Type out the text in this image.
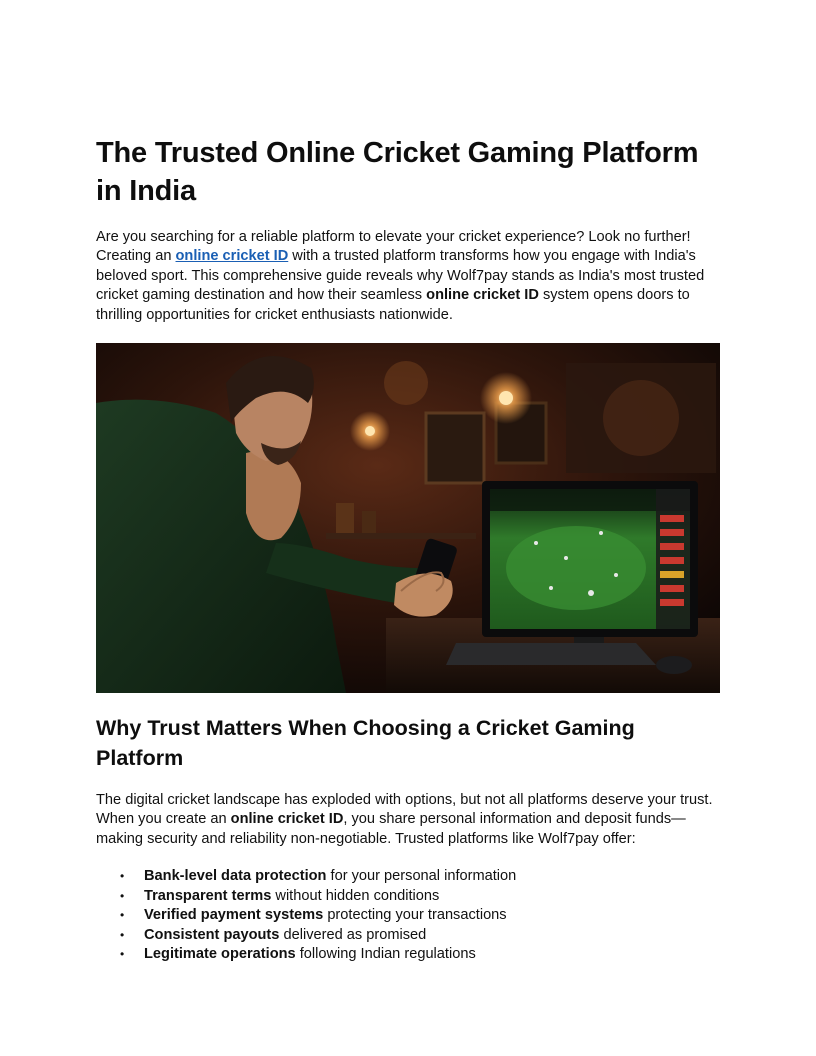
The Trusted Online Cricket Gaming Platform in India

Are you searching for a reliable platform to elevate your cricket experience? Look no further! Creating an online cricket ID with a trusted platform transforms how you engage with India's beloved sport. This comprehensive guide reveals why Wolf7pay stands as India's most trusted cricket gaming destination and how their seamless online cricket ID system opens doors to thrilling opportunities for cricket enthusiasts nationwide.

Why Trust Matters When Choosing a Cricket Gaming Platform

The digital cricket landscape has exploded with options, but not all platforms deserve your trust. When you create an online cricket ID, you share personal information and deposit funds—making security and reliability non-negotiable. Trusted platforms like Wolf7pay offer:

• Bank-level data protection for your personal information
• Transparent terms without hidden conditions
• Verified payment systems protecting your transactions
• Consistent payouts delivered as promised
• Legitimate operations following Indian regulations
